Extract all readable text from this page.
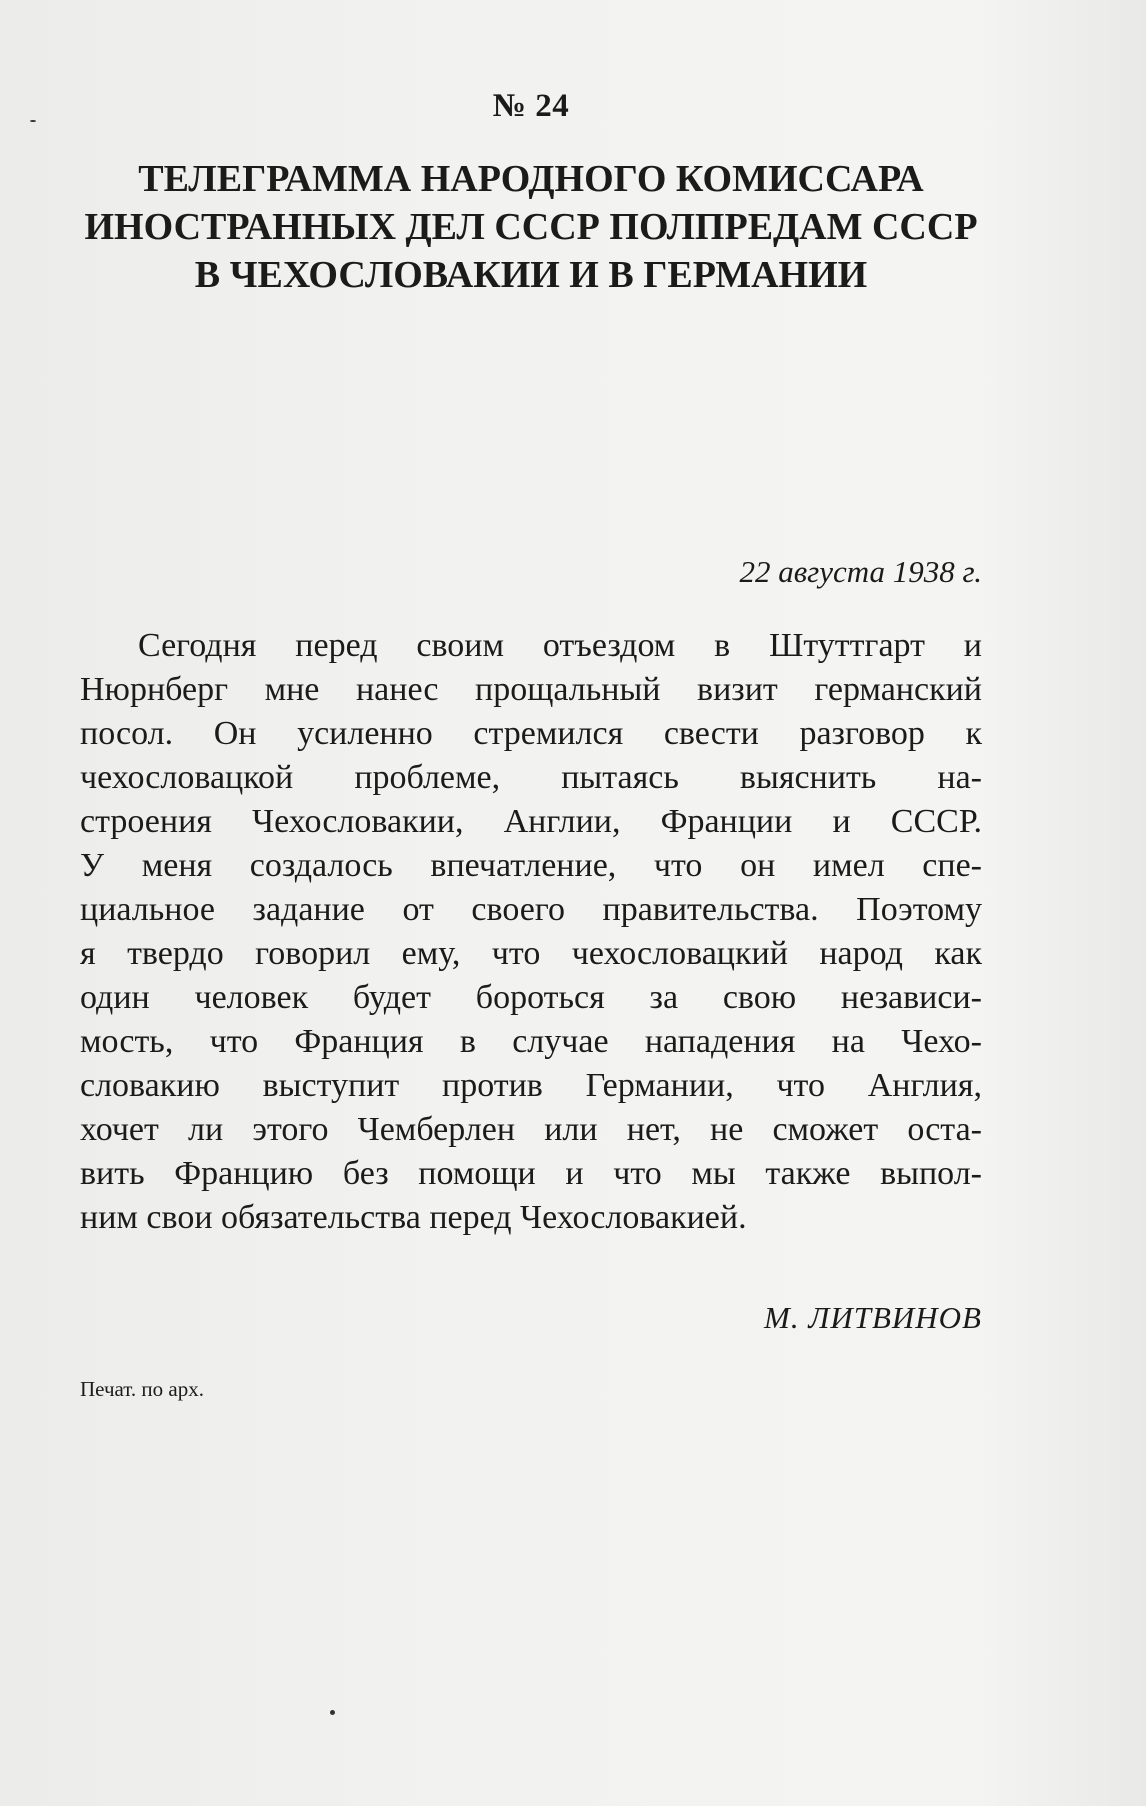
№ 24
ТЕЛЕГРАММА НАРОДНОГО КОМИССАРА
ИНОСТРАННЫХ ДЕЛ СССР ПОЛПРЕДАМ СССР
В ЧЕХОСЛОВАКИИ И В ГЕРМАНИИ
22 августа 1938 г.
Сегодня перед своим отъездом в Штуттгарт и
Нюрнберг мне нанес прощальный визит германский
посол. Он усиленно стремился свести разговор к
чехословацкой проблеме, пытаясь выяснить на-
строения Чехословакии, Англии, Франции и СССР.
У меня создалось впечатление, что он имел спе-
циальное задание от своего правительства. Поэтому
я твердо говорил ему, что чехословацкий народ как
один человек будет бороться за свою независи-
мость, что Франция в случае нападения на Чехо-
словакию выступит против Германии, что Англия,
хочет ли этого Чемберлен или нет, не сможет оста-
вить Францию без помощи и что мы также выпол-
ним свои обязательства перед Чехословакией.
М. ЛИТВИНОВ
Печат. по арх.
